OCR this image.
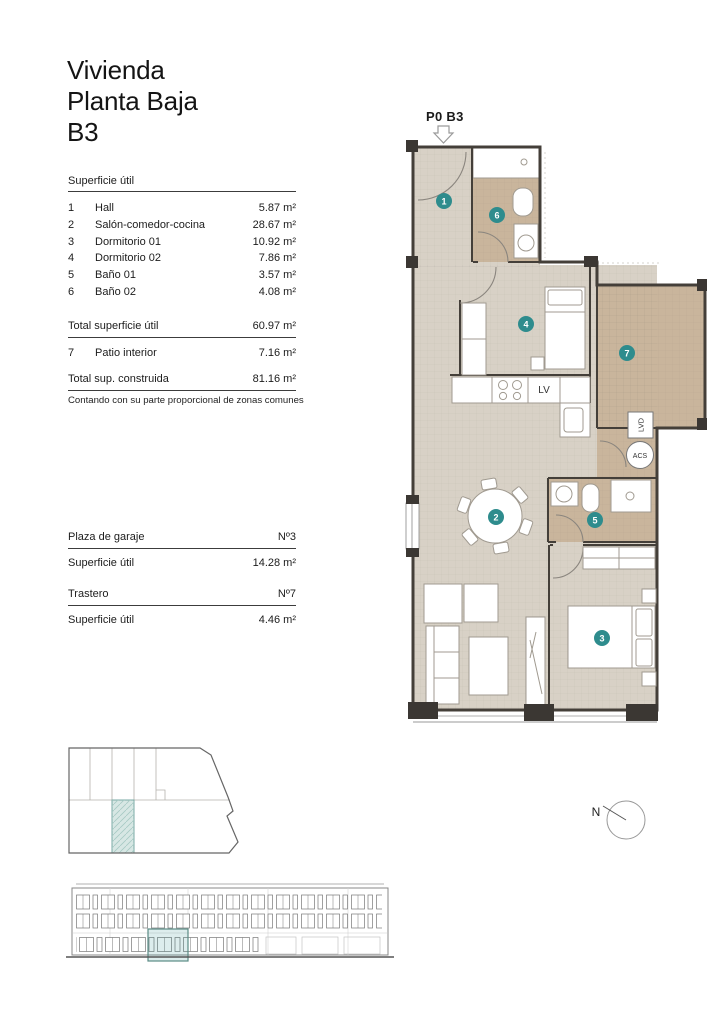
LV
LVD
ACS
1
2
3
4
5
6
7
P0 B3
N
Vivienda
Planta Baja
B3
Superficie útil
1	Hall	5.87 m²
2	Salón-comedor-cocina	28.67 m²
3	Dormitorio 01	10.92 m²
4	Dormitorio 02	7.86 m²
5	Baño 01	3.57 m²
6	Baño 02	4.08 m²
Total superficie útil	60.97 m²
7	Patio interior	7.16 m²
Total sup. construida	81.16 m²
Contando con su parte proporcional de zonas comunes
Plaza de garaje	Nº3
Superficie útil	14.28 m²
Trastero	Nº7
Superficie útil	4.46 m²
